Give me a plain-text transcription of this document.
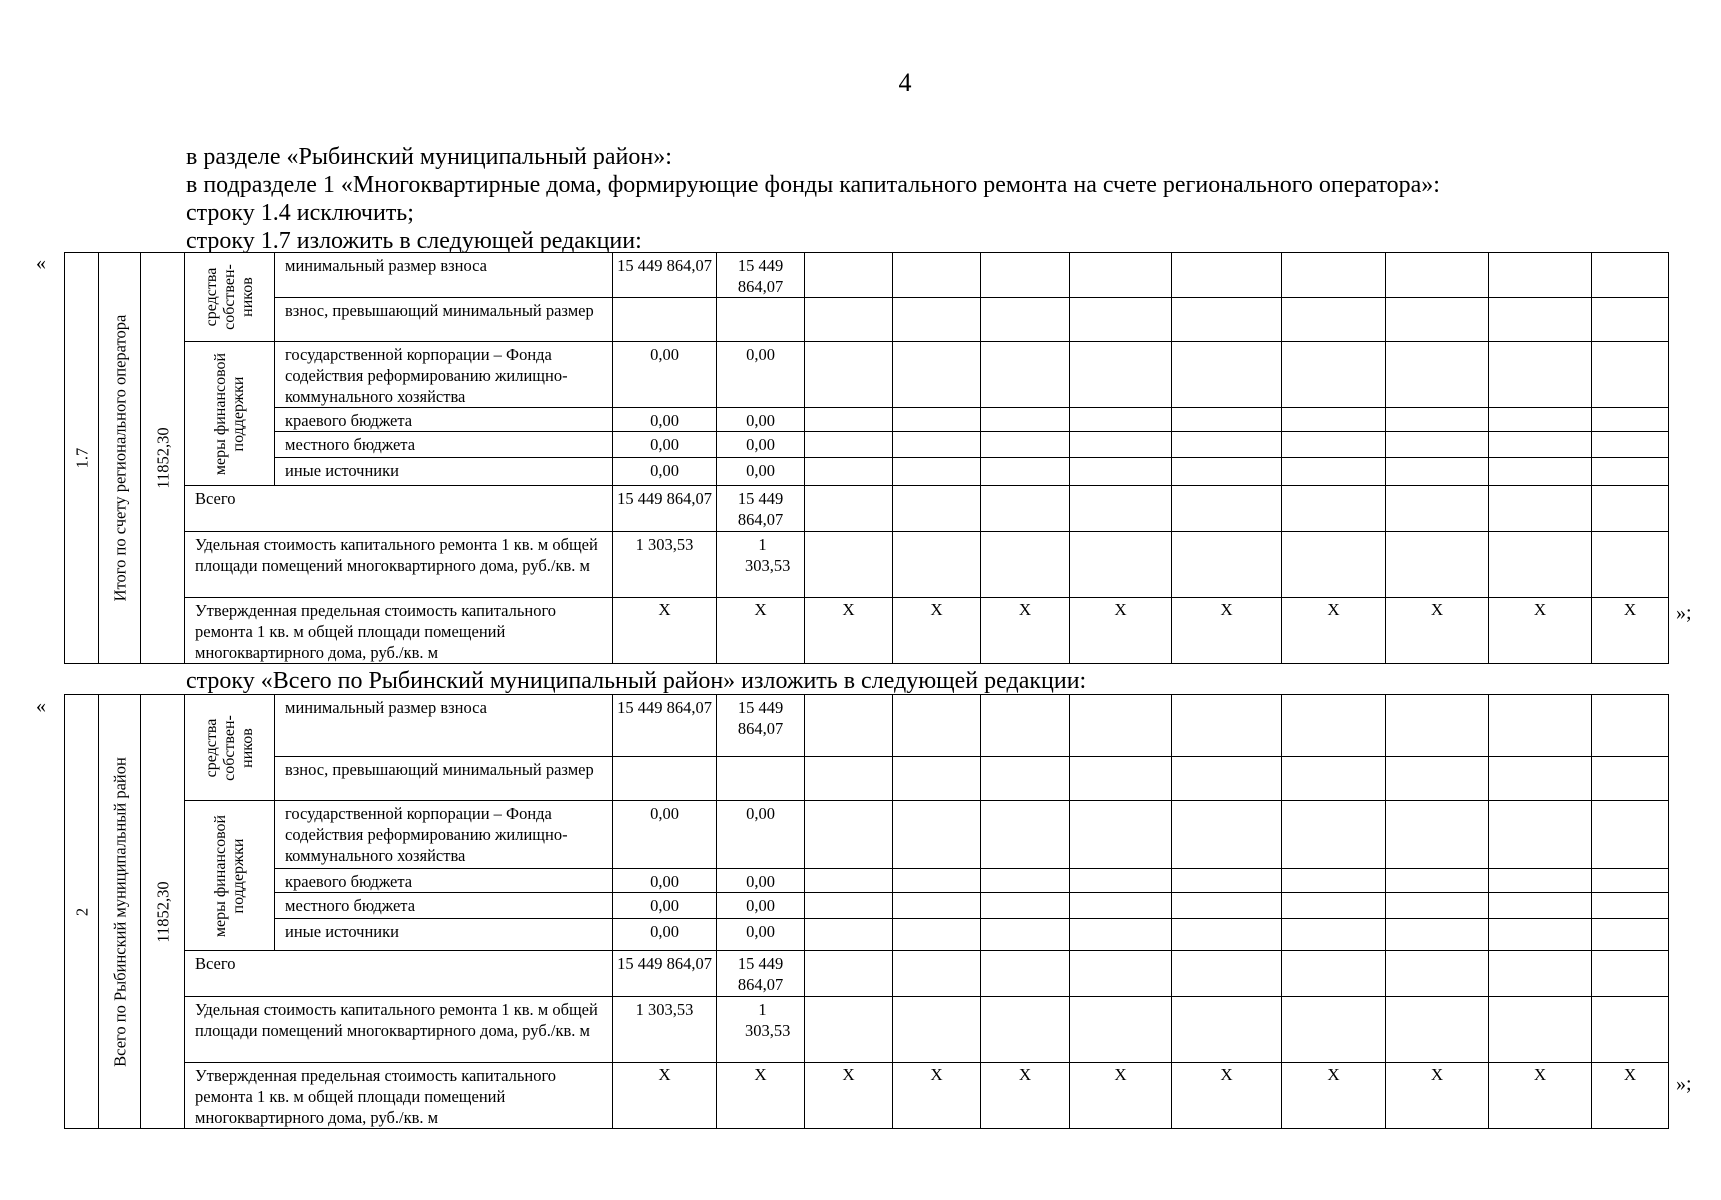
4
в разделе «Рыбинский муниципальный район»:
в подразделе 1 «Многоквартирные дома, формирующие фонды капитального ремонта на счете регионального оператора»:
строку 1.4 исключить;
строку 1.7 изложить в следующей редакции:
«
1.7	Итого по счету регионального оператора	11852,30	средства собствен-ников	минимальный размер взноса	15 449 864,07	15 449 864,07									
				взнос, превышающий минимальный размер											

			меры финансовой поддержки	государственной корпорации – Фонда содействия реформированию жилищно-коммунального хозяйства	0,00	0,00									
				краевого бюджета	0,00	0,00									
				местного бюджета	0,00	0,00									
				иные источники	0,00	0,00									
			Всего		15 449 864,07	15 449 864,07									
			Удельная стоимость капитального ремонта 1 кв. м общей площади помещений многоквартирного дома, руб./кв. м		1 303,53	1 303,53									
			Утвержденная предельная стоимость капитального ремонта 1 кв. м общей площади помещений многоквартирного дома, руб./кв. м		X	X	X	X	X	X	X	X	X	X	X »;
строку «Всего по Рыбинский муниципальный район» изложить в следующей редакции:
«
2	Всего по Рыбинский муниципальный район	11852,30	средства собствен-ников	минимальный размер взноса	15 449 864,07	15 449 864,07									
				взнос, превышающий минимальный размер											

			меры финансовой поддержки	государственной корпорации – Фонда содействия реформированию жилищно-коммунального хозяйства	0,00	0,00									
				краевого бюджета	0,00	0,00									
				местного бюджета	0,00	0,00									
				иные источники	0,00	0,00									
			Всего		15 449 864,07	15 449 864,07									
			Удельная стоимость капитального ремонта 1 кв. м общей площади помещений многоквартирного дома, руб./кв. м		1 303,53	1 303,53									
			Утвержденная предельная стоимость капитального ремонта 1 кв. м общей площади помещений многоквартирного дома, руб./кв. м		X	X	X	X	X	X	X	X	X	X	X »;
